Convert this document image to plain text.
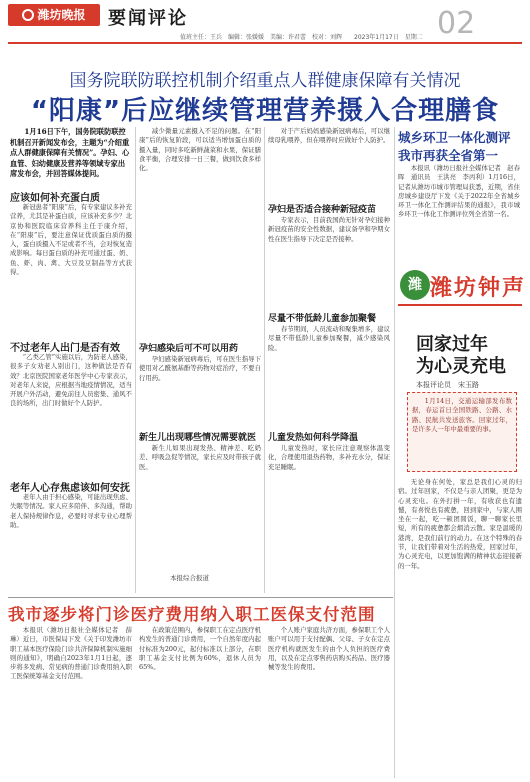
潍坊晚报	要闻评论	02
值班主任：王兵　编辑：张媛媛　美编：许君蕾　校对：刘辉　　2023年1月17日　星期二
国务院联防联控机制介绍重点人群健康保障有关情况
“阳康”后应继续管理营养摄入合理膳食

1月16日下午，国务院联防联控机制召开新闻发布会，主题为“介绍重点人群健康保障有关情况”。孕妇、心血管、妇幼健康及营养等领域专家出席发布会，并回答媒体提问。

应该如何补充蛋白质

新冠患者“阳康”后，有专家建议多补充营养，尤其是补蛋白质，应该补充多少？北京协和医院临床营养科主任于康介绍，在“阳康”后，要注意保证优质蛋白质的摄入，蛋白质摄入不足或者不当，会对恢复造成影响。每日蛋白质的补充可通过蛋、奶、鱼、虾、肉、禽、大豆及豆制品等方式获得。

不过老年人出门是否有效

“乙类乙管”实施以后，为防老人感染，很多子女劝老人别出门，这种做法是否有效？北京医院国家老年医学中心专家表示，对老年人来说，应根据当地疫情情况，适当开展户外活动，避免前往人员密集、通风不良的场所，出门时做好个人防护。

老年人心存焦虑该如何安抚

老年人由于担心感染，可能出现焦虑、失眠等情况。家人应多陪伴、多沟通，帮助老人保持规律作息，必要时寻求专业心理帮助。

减少微量元素摄入不足的问题。在“阳康”后的恢复阶段，可以适当增加蛋白质的摄入量，同时多吃新鲜蔬菜和水果，保证膳食平衡，合理安排一日三餐，做到饮食多样化。

孕妇感染后可不可以用药

孕妇感染新冠病毒后，可在医生指导下使用对乙酰氨基酚等药物对症治疗，不要自行用药。

新生儿出现哪些情况需要就医

新生儿如果出现发热、精神差、吃奶差、呼吸急促等情况，家长应及时带孩子就医。

本报综合报道

对于产后妈妈感染新冠病毒后，可以继续母乳喂养，但在喂养时应做好个人防护。

孕妇是否适合接种新冠疫苗

专家表示，目前我国尚无针对孕妇接种新冠疫苗的安全性数据，建议备孕和孕期女性在医生指导下决定是否接种。

尽量不带低龄儿童参加聚餐

春节期间，人员流动和聚集增多，建议尽量不带低龄儿童参加聚餐，减少感染风险。

儿童发热如何科学降温

儿童发热时，家长应注意观察体温变化，合理使用退热药物，多补充水分，保证充足睡眠。

城乡环卫一体化测评
我市再获全省第一

本报讯（潍坊日报社全媒体记者　赵春晖　通讯员　王洪亮　李丙利）1月16日，记者从潍坊市城市管理局获悉，近期，省住房城乡建设厅下发《关于2022年全省城乡环卫一体化工作测评结果的通报》，我市城乡环卫一体化工作测评位列全省第一名。

潍 潍坊钟声
回家过年
为心灵充电
本报评论员　宋玉路

1月14日，交通运输部发布数据，春运首日全国铁路、公路、水路、民航共发送旅客。回家过年，是许多人一年中最重要的事。

无论身在何处，家总是我们心灵的归宿。过年回家，不仅是与亲人团聚，更是为心灵充电。在外打拼一年，有收获也有遗憾，有喜悦也有疲惫，回到家中，与家人围坐在一起，吃一顿团圆饭，聊一聊家长里短，所有的疲惫都会烟消云散。家是温暖的港湾，是我们前行的动力。在这个特殊的春节，让我们带着对生活的热爱，回家过年，为心灵充电，以更加饱满的精神状态迎接新的一年。

我市逐步将门诊医疗费用纳入职工医保支付范围

本报讯（潍坊日报社全媒体记者　薛琳）近日，市医保局下发《关于印发潍坊市职工基本医疗保险门诊共济保障机制实施细则的通知》，明确自2023年1月1日起，逐步将多发病、常见病的普通门诊费用纳入职工医保统筹基金支付范围。

在政策范围内，参保职工在定点医疗机构发生的普通门诊费用，一个自然年度内起付标准为200元，起付标准以上部分，在职职工基金支付比例为60%，退休人员为65%。

个人账户家庭共济方面，参保职工个人账户可以用于支付配偶、父母、子女在定点医疗机构就医发生的由个人负担的医疗费用，以及在定点零售药店购买药品、医疗器械等发生的费用。
